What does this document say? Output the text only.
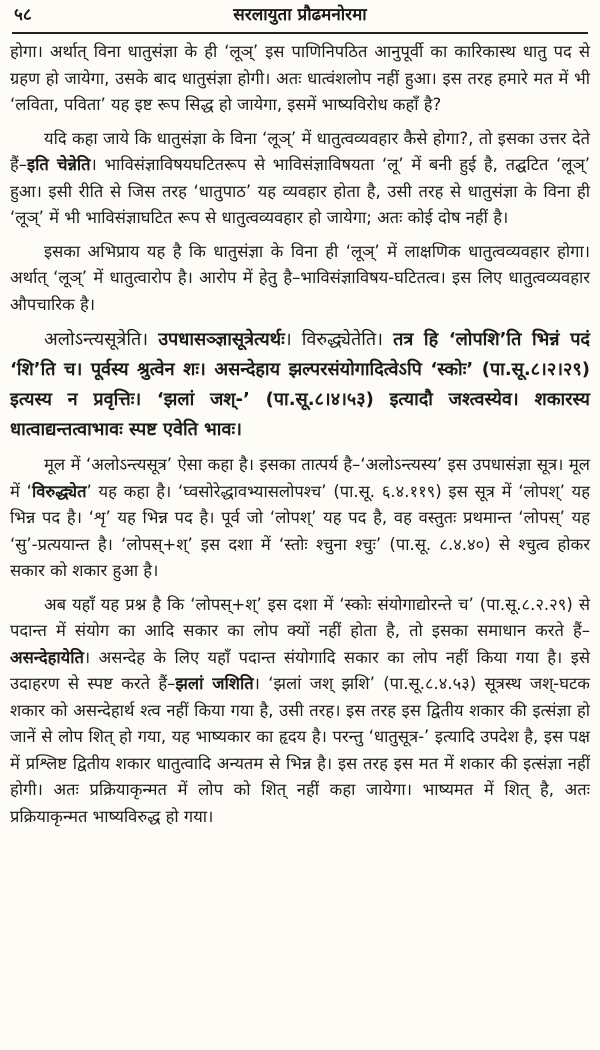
५८	सरलायुता प्रौढमनोरमा

होगा। अर्थात् विना धातुसंज्ञा के ही ‘लूञ्’ इस पाणिनिपठित आनुपूर्वी का कारिकास्थ धातु पद से ग्रहण हो जायेगा, उसके बाद धातुसंज्ञा होगी। अतः धात्वंशलोप नहीं हुआ। इस तरह हमारे मत में भी ‘लविता, पविता’ यह इष्ट रूप सिद्ध हो जायेगा, इसमें भाष्यविरोध कहाँ है?

यदि कहा जाये कि धातुसंज्ञा के विना ‘लूञ्’ में धातुत्वव्यवहार कैसे होगा?, तो इसका उत्तर देते हैं–इति चेन्नेति। भाविसंज्ञाविषयघटितरूप से भाविसंज्ञाविषयता ‘लू’ में बनी हुई है, तद्घटित ‘लूञ्’ हुआ। इसी रीति से जिस तरह ‘धातुपाठ’ यह व्यवहार होता है, उसी तरह से धातुसंज्ञा के विना ही ‘लूञ्’ में भी भाविसंज्ञाघटित रूप से धातुत्वव्यवहार हो जायेगा; अतः कोई दोष नहीं है।

इसका अभिप्राय यह है कि धातुसंज्ञा के विना ही ‘लूञ्’ में लाक्षणिक धातुत्वव्यवहार होगा। अर्थात् ‘लूञ्’ में धातुत्वारोप है। आरोप में हेतु है–भाविसंज्ञाविषय-घटितत्व। इस लिए धातुत्वव्यवहार औपचारिक है।

अलोऽन्त्यसूत्रेति। उपधासञ्ज्ञासूत्रेत्यर्थः। विरुद्ध्येतेति। तत्र हि ‘लोपशि’ति भिन्नं पदं ‘शि’ति च। पूर्वस्य श्रुत्वेन शः। असन्देहाय झल्परसंयोगादित्वेऽपि ‘स्कोः’ (पा.सू.८।२।२९) इत्यस्य न प्रवृत्तिः। ‘झलां जश्-’ (पा.सू.८।४।५३) इत्यादौ जश्त्वस्येव। शकारस्य धात्वाद्यन्तत्वाभावः स्पष्ट एवेति भावः।

मूल में ‘अलोऽन्त्यसूत्र’ ऐसा कहा है। इसका तात्पर्य है–‘अलोऽन्त्यस्य’ इस उपधासंज्ञा सूत्र। मूल में ‘विरुद्ध्येत’ यह कहा है। ‘घ्वसोरेद्धावभ्यासलोपश्च’ (पा.सू. ६.४.११९) इस सूत्र में ‘लोपश्’ यह भिन्न पद है। ‘शृ’ यह भिन्न पद है। पूर्व जो ‘लोपश्’ यह पद है, वह वस्तुतः प्रथमान्त ‘लोपस्’ यह ‘सु’-प्रत्ययान्त है। ‘लोपस्+श्’ इस दशा में ‘स्तोः श्चुना श्चुः’ (पा.सू. ८.४.४०) से श्चुत्व होकर सकार को शकार हुआ है।

अब यहाँ यह प्रश्न है कि ‘लोपस्+श्’ इस दशा में ‘स्कोः संयोगाद्योरन्ते च’ (पा.सू.८.२.२९) से पदान्त में संयोग का आदि सकार का लोप क्यों नहीं होता है, तो इसका समाधान करते हैं–असन्देहायेति। असन्देह के लिए यहाँ पदान्त संयोगादि सकार का लोप नहीं किया गया है। इसे उदाहरण से स्पष्ट करते हैं–झलां जशिति। ‘झलां जश् झशि’ (पा.सू.८.४.५३) सूत्रस्थ जश्-घटक शकार को असन्देहार्थ श्त्व नहीं किया गया है, उसी तरह। इस तरह इस द्वितीय शकार की इत्संज्ञा हो जानें से लोप शित् हो गया, यह भाष्यकार का हृदय है। परन्तु ‘धातुसूत्र-’ इत्यादि उपदेश है, इस पक्ष में प्रश्लिष्ट द्वितीय शकार धातुत्वादि अन्यतम से भिन्न है। इस तरह इस मत में शकार की इत्संज्ञा नहीं होगी। अतः प्रक्रियाकृन्मत में लोप को शित् नहीं कहा जायेगा। भाष्यमत में शित् है, अतः प्रक्रियाकृन्मत भाष्यविरुद्ध हो गया।
